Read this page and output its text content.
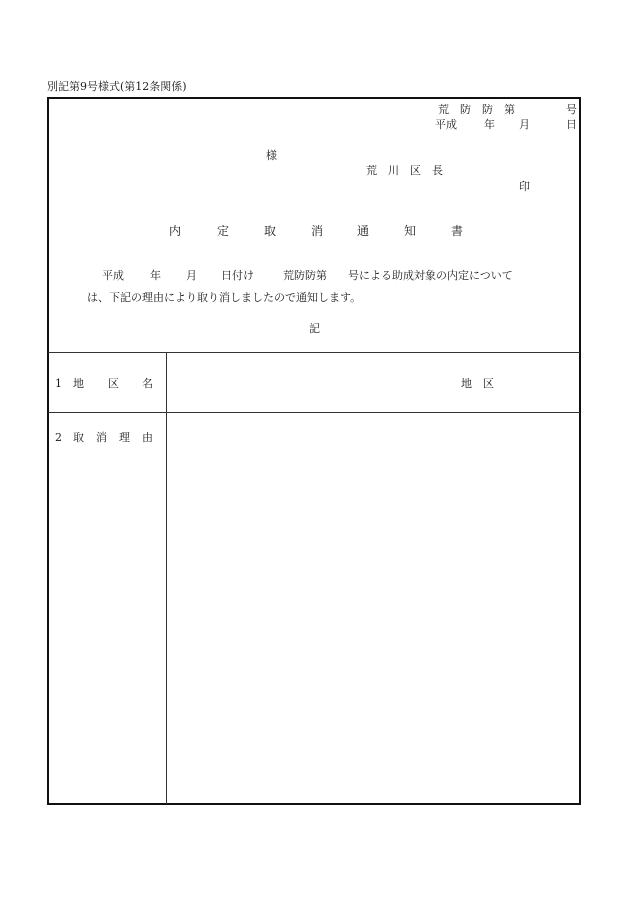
別記第9号様式(第12条関係)
荒　防　防　第	号
平成 年 月	日
様
荒　川　区　長
印
内	定	取	消	通	知	書
平成 年 月 日付け	荒防防第 号による助成対象の内定について
は、下記の理由により取り消しましたので通知します。
記
1 地 区 名	地　区
2 取 消 理 由
